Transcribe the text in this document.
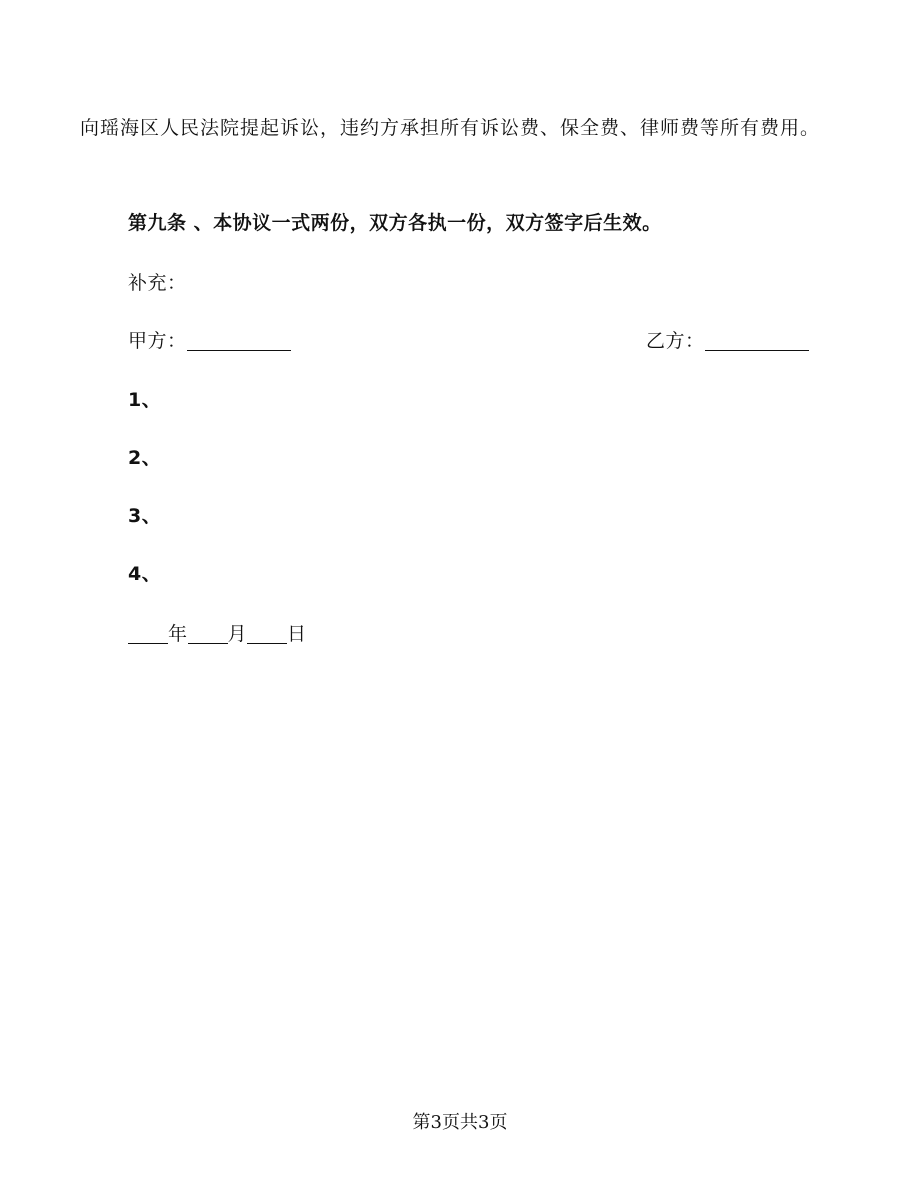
向瑶海区人民法院提起诉讼，违约方承担所有诉讼费、保全费、律师费等所有费用。
第九条 、本协议一式两份，双方各执一份，双方签字后生效。
补充：
甲方：	乙方：
1、
2、
3、
4、
年 月 日
第3页共3页
